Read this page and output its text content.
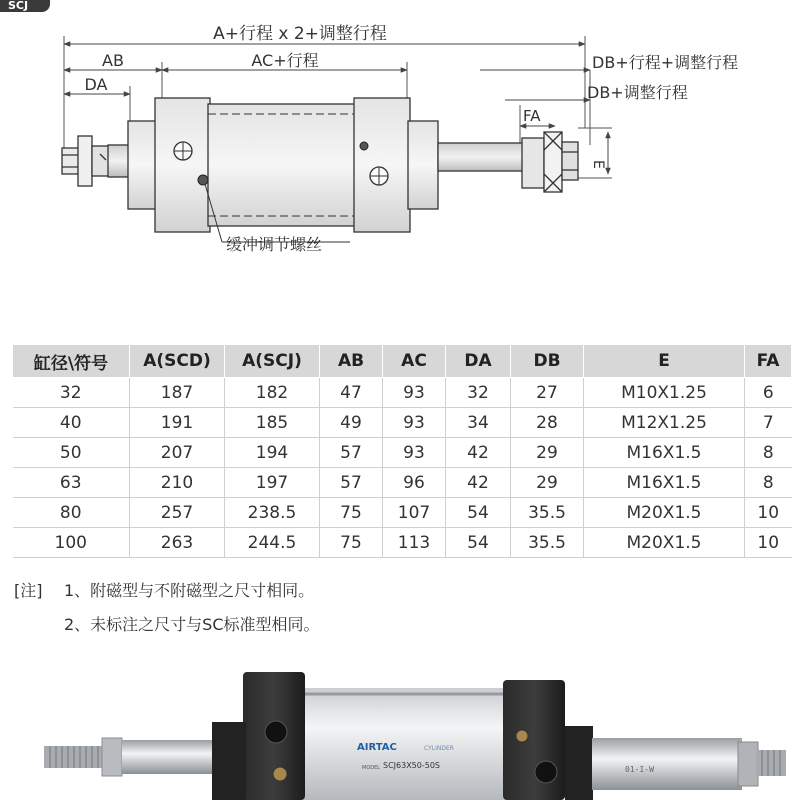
SCJ
A+行程 x 2+调整行程
AB	AC+行程
DA
DB+行程+调整行程
DB+调整行程
FA
E
缓冲调节螺丝
缸径\符号	A(SCD)	A(SCJ)	AB	AC	DA	DB	E	FA
32	187	182	47	93	32	27	M10X1.25	6
40	191	185	49	93	34	28	M12X1.25	7
50	207	194	57	93	42	29	M16X1.5	8
63	210	197	57	96	42	29	M16X1.5	8
80	257	238.5	75	107	54	35.5	M20X1.5	10
100	263	244.5	75	113	54	35.5	M20X1.5	10
[注] 1、附磁型与不附磁型之尺寸相同。
2、未标注之尺寸与SC标准型相同。
AIRTAC	CYLINDER
MODEL SCJ63X50-50S	01-I-W
